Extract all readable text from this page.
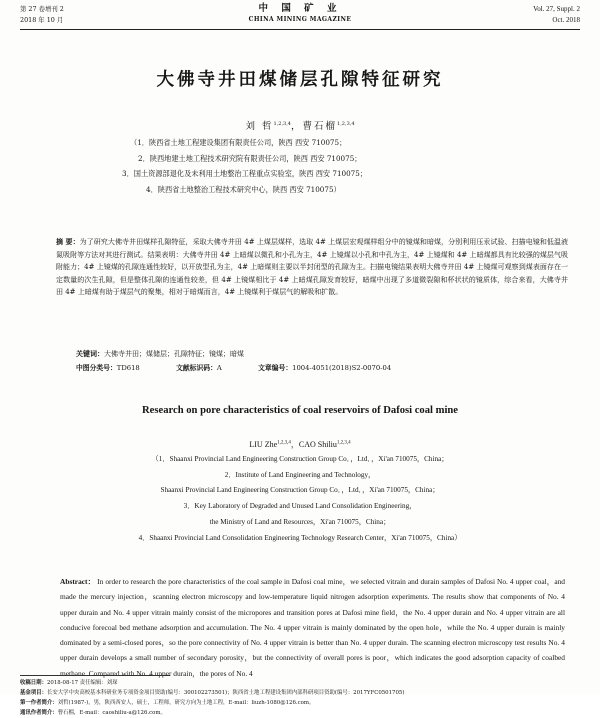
第 27 卷增刊 2
2018 年 10 月
中 国 矿 业
CHINA MINING MAGAZINE
Vol. 27, Suppl. 2
Oct. 2018
大佛寺井田煤储层孔隙特征研究
刘 哲$^{1,2,3,4}$，曹石榴$^{1,2,3,4}$
（1．陕西省土地工程建设集团有限责任公司，陕西 西安 710075；
2．陕西地建土地工程技术研究院有限责任公司，陕西 西安 710075；
3．国土资源部退化及未利用土地整治工程重点实验室，陕西 西安 710075；
4．陕西省土地整治工程技术研究中心，陕西 西安 710075）
摘 要：为了研究大佛寺井田煤样孔隙特征，采取大佛寺井田 4# 上煤层煤样，选取 4# 上煤层宏观煤样组分中的镜煤和暗煤，分别利用压汞试验、扫描电镜和低温液氮吸附等方法对其进行测试。结果表明：大佛寺井田 4# 上暗煤以微孔和小孔为主，4# 上镜煤以小孔和中孔为主，4# 上镜煤和 4# 上暗煤都具有比较强的煤层气吸附能力；4# 上镜煤的孔隙连通性较好，以开放型孔为主，4# 上暗煤则主要以半封闭型的孔隙为主。扫描电镜结果表明大佛寺井田 4# 上镜煤可观察到煤表面存在一定数量的次生孔隙，但是整体孔隙的连通性较差，但 4# 上镜煤相比于 4# 上暗煤孔隙发育较好，暗煤中出现了多道微裂隙和杯状状的镜质体，综合来看，大佛寺井田 4# 上暗煤有助于煤层气的聚集，相对于暗煤而言，4# 上镜煤利于煤层气的解吸和扩散。
关键词：大佛寺井田；煤储层；孔隙特征；镜煤；暗煤
中图分类号：TD618	文献标识码：A	文章编号：1004-4051(2018)S2-0070-04
Research on pore characteristics of coal reservoirs of Dafosi coal mine
LIU Zhe$^{1,2,3,4}$，CAO Shiliu$^{1,2,3,4}$
（1．Shaanxi Provincial Land Engineering Construction Group Co．，Ltd．，Xi'an 710075，China；
2．Institute of Land Engineering and Technology，
Shaanxi Provincial Land Engineering Construction Group Co．，Ltd．，Xi'an 710075，China；
3．Key Laboratory of Degraded and Unused Land Consolidation Engineering，
the Ministry of Land and Resources，Xi'an 710075，China；
4．Shaanxi Provincial Land Consolidation Engineering Technology Research Center，Xi'an 710075，China）
Abstract： In order to research the pore characteristics of the coal sample in Dafosi coal mine，we selected vitrain and durain samples of Dafosi No. 4 upper coal，and made the mercury injection，scanning electron microscopy and low-temperature liquid nitrogen adsorption experiments. The results show that components of No. 4 upper durain and No. 4 upper vitrain mainly consist of the micropores and transition pores at Dafosi mine field，the No. 4 upper durain and No. 4 upper vitrain are all conducive forecoal bed methane adsorption and accumulation. The No. 4 upper vitrain is mainly dominated by the open hole，while the No. 4 upper durain is mainly dominated by a semi-closed pores，so the pore connectivity of No. 4 upper vitrain is better than No. 4 upper durain. The scanning electron microscopy test results No. 4 upper durain develops a small number of secondary porosity，but the connectivity of overall pores is poor，which indicates the good adsorption capacity of coalbed methane. Compared with No. 4 upper durain，the pores of No. 4
收稿日期：2018-08-17 责任编辑：刘琛
基金项目：长安大学中央高校基本科研业务专项资金项目资助(编号：300102273501)；陕西省土地工程建设集团内部科研项目资助(编号：2017YFC0501705)
第一作者简介：刘哲(1987-)，男，陕西西安人，硕士，工程师，研究方向为土地工程，E-mail：liuzh-1080@126.com。
通讯作者简介：曹石榴，E-mail：caoshiliu-a@126.com。
